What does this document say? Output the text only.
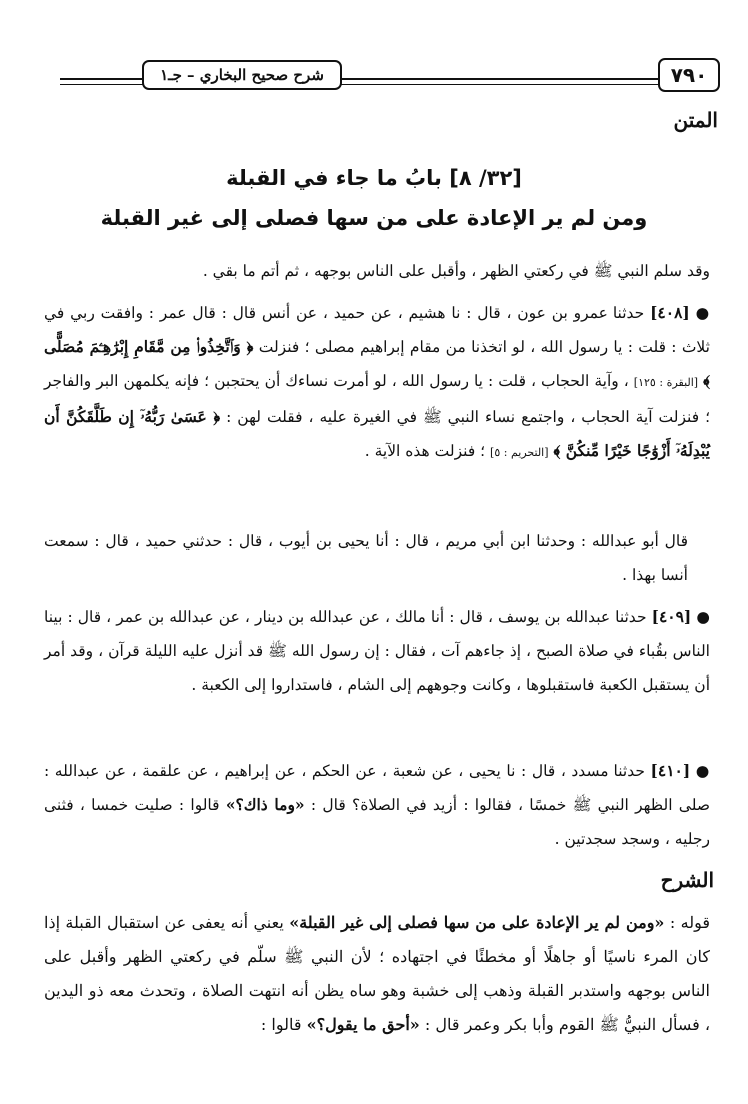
٧٩٠
شرح صحيح البخاري – جـ١
المتن
[٣٢/ ٨] بابُ ما جاء في القبلة
ومن لم ير الإعادة على من سها فصلى إلى غير القبلة
وقد سلم النبي ﷺ في ركعتي الظهر ، وأقبل على الناس بوجهه ، ثم أتم ما بقي .
● [٤٠٨] حدثنا عمرو بن عون ، قال : نا هشيم ، عن حميد ، عن أنس قال : قال عمر : وافقت ربي في ثلاث : قلت : يا رسول الله ، لو اتخذنا من مقام إبراهيم مصلى ؛ فنزلت ﴿ وَٱتَّخِذُوا۟ مِن مَّقَامِ إِبْرَٰهِـۧمَ مُصَلًّى ﴾ [البقرة : ١٢٥] ، وآية الحجاب ، قلت : يا رسول الله ، لو أمرت نساءك أن يحتجبن ؛ فإنه يكلمهن البر والفاجر ؛ فنزلت آية الحجاب ، واجتمع نساء النبي ﷺ في الغيرة عليه ، فقلت لهن : ﴿ عَسَىٰ رَبُّهُۥٓ إِن طَلَّقَكُنَّ أَن يُبْدِلَهُۥٓ أَزْوَٰجًا خَيْرًا مِّنكُنَّ ﴾ [التحريم : ٥] ؛ فنزلت هذه الآية .
قال أبو عبدالله : وحدثنا ابن أبي مريم ، قال : أنا يحيى بن أيوب ، قال : حدثني حميد ، قال : سمعت أنسا بهذا .
● [٤٠٩] حدثنا عبدالله بن يوسف ، قال : أنا مالك ، عن عبدالله بن دينار ، عن عبدالله بن عمر ، قال : بينا الناس بقُباء في صلاة الصبح ، إذ جاءهم آت ، فقال : إن رسول الله ﷺ قد أنزل عليه الليلة قرآن ، وقد أمر أن يستقبل الكعبة فاستقبلوها ، وكانت وجوههم إلى الشام ، فاستداروا إلى الكعبة .
● [٤١٠] حدثنا مسدد ، قال : نا يحيى ، عن شعبة ، عن الحكم ، عن إبراهيم ، عن علقمة ، عن عبدالله : صلى الظهر النبي ﷺ خمسًا ، فقالوا : أزيد في الصلاة؟ قال : «وما ذاك؟» قالوا : صليت خمسا ، فثنى رجليه ، وسجد سجدتين .
الشرح
قوله : «ومن لم ير الإعادة على من سها فصلى إلى غير القبلة» يعني أنه يعفى عن استقبال القبلة إذا كان المرء ناسيًا أو جاهلًا أو مخطئًا في اجتهاده ؛ لأن النبي ﷺ سلّم في ركعتي الظهر وأقبل على الناس بوجهه واستدبر القبلة وذهب إلى خشبة وهو ساه يظن أنه انتهت الصلاة ، وتحدث معه ذو اليدين ، فسأل النبيُّ ﷺ القوم وأبا بكر وعمر قال : «أحق ما يقول؟» قالوا :
